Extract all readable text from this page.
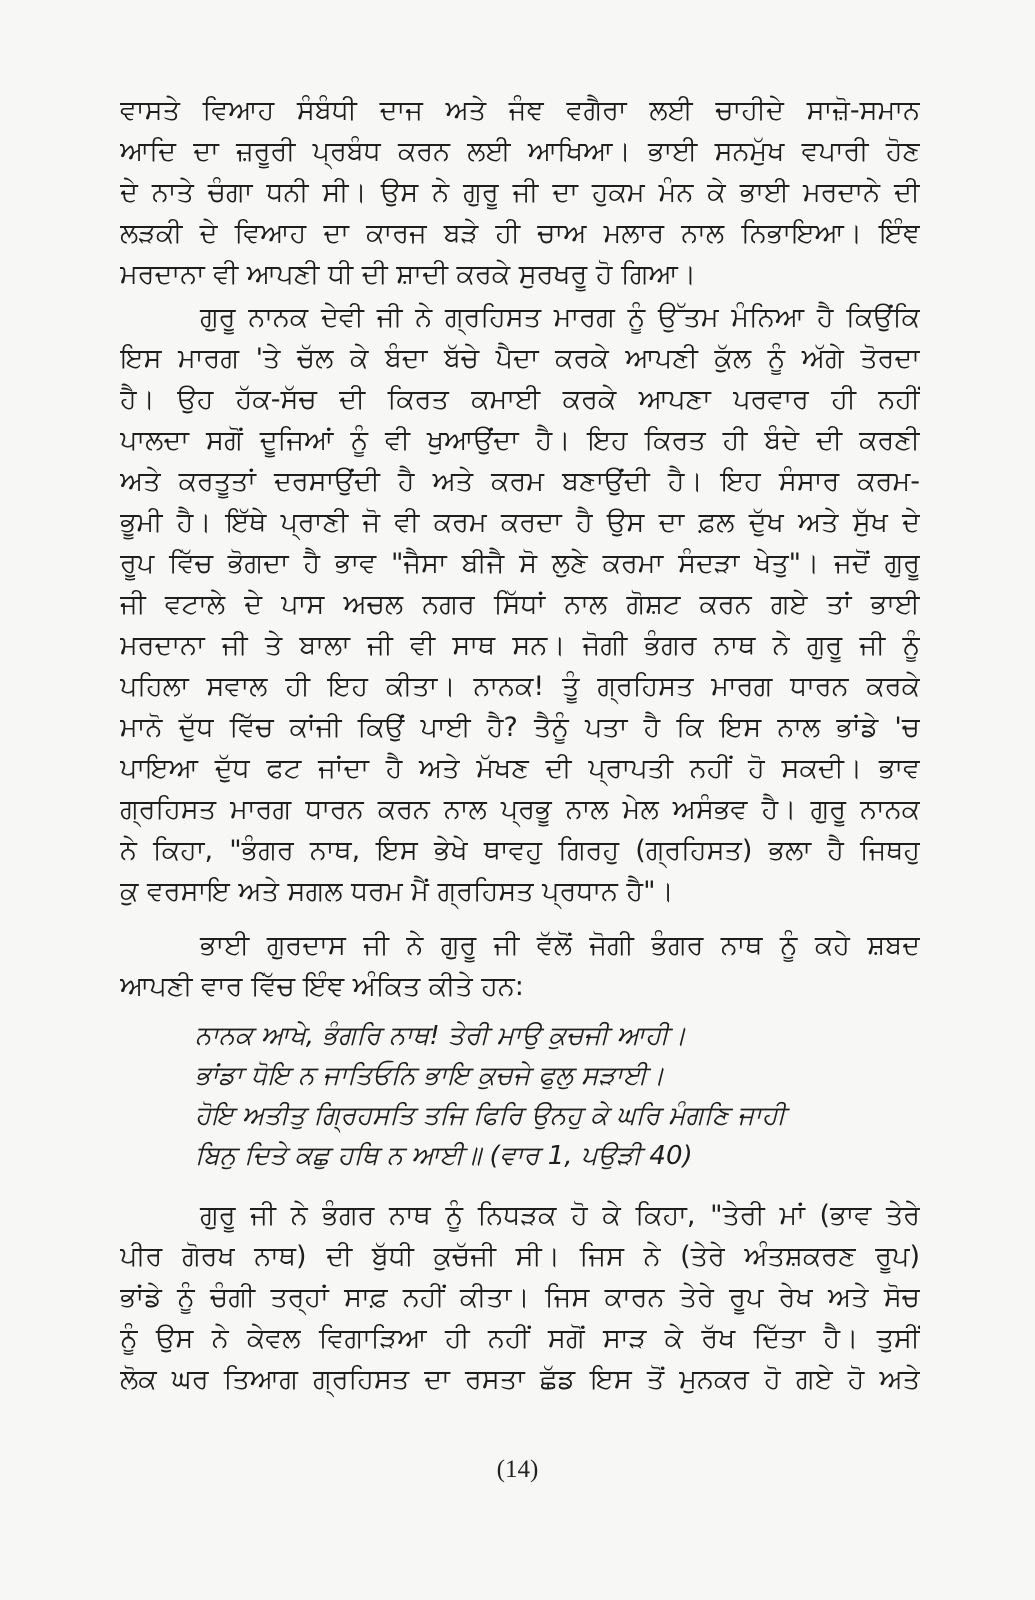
ਵਾਸਤੇ ਵਿਆਹ ਸੰਬੰਧੀ ਦਾਜ ਅਤੇ ਜੰਞ ਵਗੈਰਾ ਲਈ ਚਾਹੀਦੇ ਸਾਜ਼ੋ-ਸਮਾਨ
ਆਦਿ ਦਾ ਜ਼ਰੂਰੀ ਪ੍ਰਬੰਧ ਕਰਨ ਲਈ ਆਖਿਆ। ਭਾਈ ਸਨਮੁੱਖ ਵਪਾਰੀ ਹੋਣ
ਦੇ ਨਾਤੇ ਚੰਗਾ ਧਨੀ ਸੀ। ਉਸ ਨੇ ਗੁਰੂ ਜੀ ਦਾ ਹੁਕਮ ਮੰਨ ਕੇ ਭਾਈ ਮਰਦਾਨੇ ਦੀ
ਲੜਕੀ ਦੇ ਵਿਆਹ ਦਾ ਕਾਰਜ ਬੜੇ ਹੀ ਚਾਅ ਮਲਾਰ ਨਾਲ ਨਿਭਾਇਆ। ਇੰਞ
ਮਰਦਾਨਾ ਵੀ ਆਪਣੀ ਧੀ ਦੀ ਸ਼ਾਦੀ ਕਰਕੇ ਸੁਰਖਰੂ ਹੋ ਗਿਆ।
ਗੁਰੂ ਨਾਨਕ ਦੇਵੀ ਜੀ ਨੇ ਗ੍ਰਹਿਸਤ ਮਾਰਗ ਨੂੰ ਉੱਤਮ ਮੰਨਿਆ ਹੈ ਕਿਉਂਕਿ
ਇਸ ਮਾਰਗ 'ਤੇ ਚੱਲ ਕੇ ਬੰਦਾ ਬੱਚੇ ਪੈਦਾ ਕਰਕੇ ਆਪਣੀ ਕੁੱਲ ਨੂੰ ਅੱਗੇ ਤੋਰਦਾ
ਹੈ। ਉਹ ਹੱਕ-ਸੱਚ ਦੀ ਕਿਰਤ ਕਮਾਈ ਕਰਕੇ ਆਪਣਾ ਪਰਵਾਰ ਹੀ ਨਹੀਂ
ਪਾਲਦਾ ਸਗੋਂ ਦੂਜਿਆਂ ਨੂੰ ਵੀ ਖੁਆਉਂਦਾ ਹੈ। ਇਹ ਕਿਰਤ ਹੀ ਬੰਦੇ ਦੀ ਕਰਣੀ
ਅਤੇ ਕਰਤੂਤਾਂ ਦਰਸਾਉਂਦੀ ਹੈ ਅਤੇ ਕਰਮ ਬਣਾਉਂਦੀ ਹੈ। ਇਹ ਸੰਸਾਰ ਕਰਮ-
ਭੂਮੀ ਹੈ। ਇੱਥੇ ਪ੍ਰਾਣੀ ਜੋ ਵੀ ਕਰਮ ਕਰਦਾ ਹੈ ਉਸ ਦਾ ਫ਼ਲ ਦੁੱਖ ਅਤੇ ਸੁੱਖ ਦੇ
ਰੂਪ ਵਿੱਚ ਭੋਗਦਾ ਹੈ ਭਾਵ "ਜੈਸਾ ਬੀਜੈ ਸੋ ਲੁਣੇ ਕਰਮਾ ਸੰਦੜਾ ਖੇਤੁ"। ਜਦੋਂ ਗੁਰੂ
ਜੀ ਵਟਾਲੇ ਦੇ ਪਾਸ ਅਚਲ ਨਗਰ ਸਿੱਧਾਂ ਨਾਲ ਗੋਸ਼ਟ ਕਰਨ ਗਏ ਤਾਂ ਭਾਈ
ਮਰਦਾਨਾ ਜੀ ਤੇ ਬਾਲਾ ਜੀ ਵੀ ਸਾਥ ਸਨ। ਜੋਗੀ ਭੰਗਰ ਨਾਥ ਨੇ ਗੁਰੂ ਜੀ ਨੂੰ
ਪਹਿਲਾ ਸਵਾਲ ਹੀ ਇਹ ਕੀਤਾ। ਨਾਨਕ! ਤੂੰ ਗ੍ਰਹਿਸਤ ਮਾਰਗ ਧਾਰਨ ਕਰਕੇ
ਮਾਨੋ ਦੁੱਧ ਵਿੱਚ ਕਾਂਜੀ ਕਿਉਂ ਪਾਈ ਹੈ? ਤੈਨੂੰ ਪਤਾ ਹੈ ਕਿ ਇਸ ਨਾਲ ਭਾਂਡੇ 'ਚ
ਪਾਇਆ ਦੁੱਧ ਫਟ ਜਾਂਦਾ ਹੈ ਅਤੇ ਮੱਖਣ ਦੀ ਪ੍ਰਾਪਤੀ ਨਹੀਂ ਹੋ ਸਕਦੀ। ਭਾਵ
ਗ੍ਰਹਿਸਤ ਮਾਰਗ ਧਾਰਨ ਕਰਨ ਨਾਲ ਪ੍ਰਭੂ ਨਾਲ ਮੇਲ ਅਸੰਭਵ ਹੈ। ਗੁਰੂ ਨਾਨਕ
ਨੇ ਕਿਹਾ, "ਭੰਗਰ ਨਾਥ, ਇਸ ਭੇਖੇ ਥਾਵਹੁ ਗਿਰਹੁ (ਗ੍ਰਹਿਸਤ) ਭਲਾ ਹੈ ਜਿਥਹੁ
ਕੁ ਵਰਸਾਇ ਅਤੇ ਸਗਲ ਧਰਮ ਮੈਂ ਗ੍ਰਹਿਸਤ ਪ੍ਰਧਾਨ ਹੈ"।
ਭਾਈ ਗੁਰਦਾਸ ਜੀ ਨੇ ਗੁਰੂ ਜੀ ਵੱਲੋਂ ਜੋਗੀ ਭੰਗਰ ਨਾਥ ਨੂੰ ਕਹੇ ਸ਼ਬਦ
ਆਪਣੀ ਵਾਰ ਵਿੱਚ ਇੰਞ ਅੰਕਿਤ ਕੀਤੇ ਹਨ:
ਨਾਨਕ ਆਖੇ, ਭੰਗਰਿ ਨਾਥ! ਤੇਰੀ ਮਾਉ ਕੁਚਜੀ ਆਹੀ।
ਭਾਂਡਾ ਧੋਇ ਨ ਜਾਤਿਓਨਿ ਭਾਇ ਕੁਚਜੇ ਫੁਲੁ ਸੜਾਈ।
ਹੋਇ ਅਤੀਤੁ ਗ੍ਰਿਹਸਤਿ ਤਜਿ ਫਿਰਿ ਉਨਹੁ ਕੇ ਘਰਿ ਮੰਗਣਿ ਜਾਹੀ
ਬਿਨੁ ਦਿਤੇ ਕਛੁ ਹਥਿ ਨ ਆਈ॥ (ਵਾਰ 1, ਪਉੜੀ 40)
ਗੁਰੂ ਜੀ ਨੇ ਭੰਗਰ ਨਾਥ ਨੂੰ ਨਿਧੜਕ ਹੋ ਕੇ ਕਿਹਾ, "ਤੇਰੀ ਮਾਂ (ਭਾਵ ਤੇਰੇ
ਪੀਰ ਗੋਰਖ ਨਾਥ) ਦੀ ਬੁੱਧੀ ਕੁਚੱਜੀ ਸੀ। ਜਿਸ ਨੇ (ਤੇਰੇ ਅੰਤਸ਼ਕਰਣ ਰੂਪ)
ਭਾਂਡੇ ਨੂੰ ਚੰਗੀ ਤਰ੍ਹਾਂ ਸਾਫ਼ ਨਹੀਂ ਕੀਤਾ। ਜਿਸ ਕਾਰਨ ਤੇਰੇ ਰੂਪ ਰੇਖ ਅਤੇ ਸੋਚ
ਨੂੰ ਉਸ ਨੇ ਕੇਵਲ ਵਿਗਾੜਿਆ ਹੀ ਨਹੀਂ ਸਗੋਂ ਸਾੜ ਕੇ ਰੱਖ ਦਿੱਤਾ ਹੈ। ਤੁਸੀਂ
ਲੋਕ ਘਰ ਤਿਆਗ ਗ੍ਰਹਿਸਤ ਦਾ ਰਸਤਾ ਛੱਡ ਇਸ ਤੋਂ ਮੁਨਕਰ ਹੋ ਗਏ ਹੋ ਅਤੇ
(14)
